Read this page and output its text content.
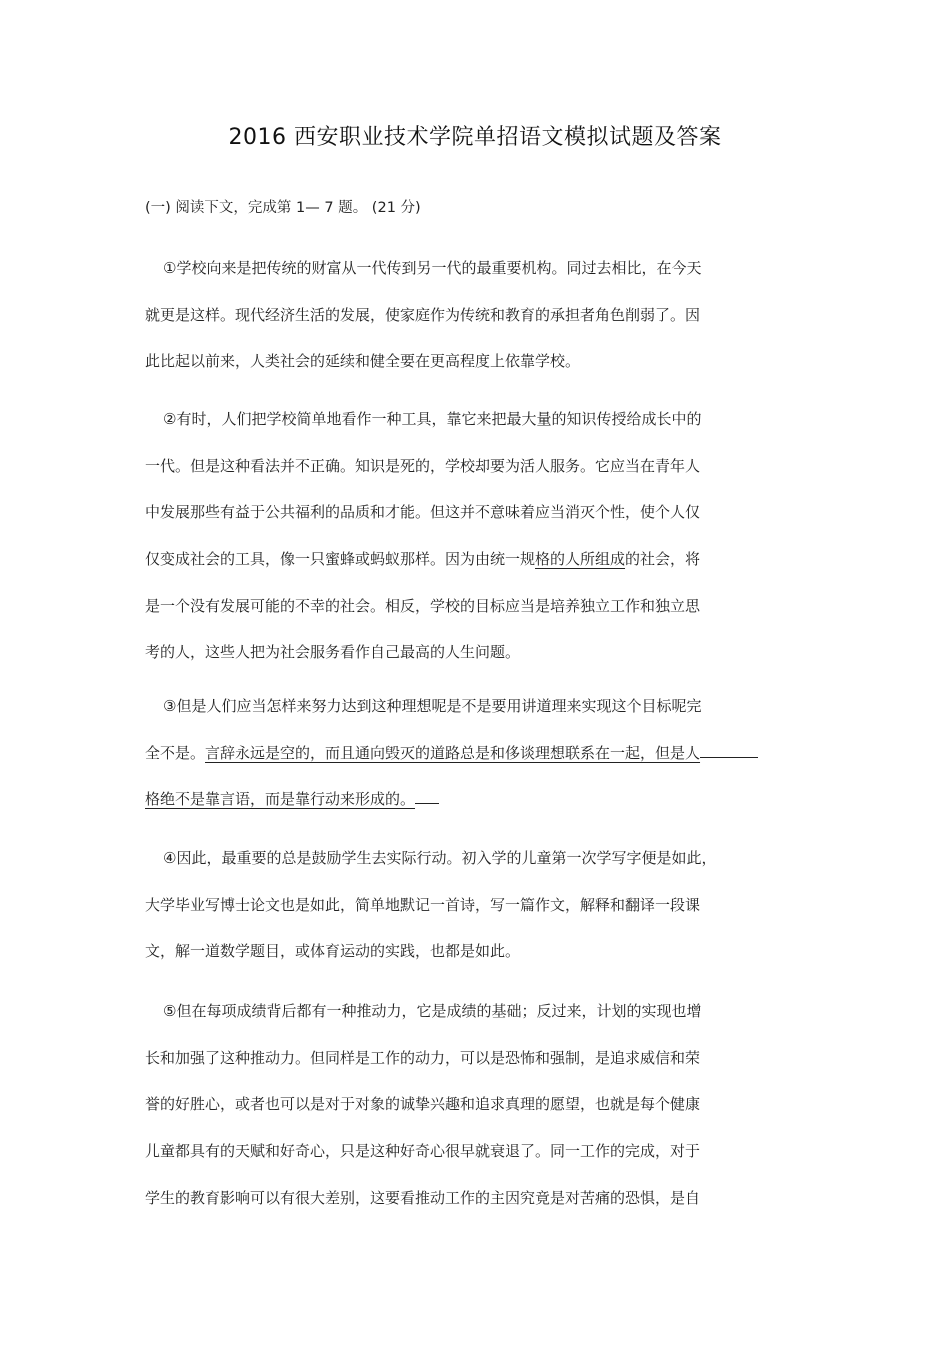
2016 西安职业技术学院单招语文模拟试题及答案
(一) 阅读下文，完成第 1— 7 题。 (21 分)
①学校向来是把传统的财富从一代传到另一代的最重要机构。同过去相比，在今天
就更是这样。现代经济生活的发展，使家庭作为传统和教育的承担者角色削弱了。因
此比起以前来，人类社会的延续和健全要在更高程度上依靠学校。
②有时，人们把学校简单地看作一种工具，靠它来把最大量的知识传授给成长中的
一代。但是这种看法并不正确。知识是死的，学校却要为活人服务。它应当在青年人
中发展那些有益于公共福利的品质和才能。但这并不意味着应当消灭个性，使个人仅
仅变成社会的工具，像一只蜜蜂或蚂蚁那样。因为由统一规格的人所组成的社会，将
是一个没有发展可能的不幸的社会。相反，学校的目标应当是培养独立工作和独立思
考的人，这些人把为社会服务看作自己最高的人生问题。
③但是人们应当怎样来努力达到这种理想呢是不是要用讲道理来实现这个目标呢完
全不是。言辞永远是空的，而且通向毁灭的道路总是和侈谈理想联系在一起，但是人
格绝不是靠言语，而是靠行动来形成的。
④因此，最重要的总是鼓励学生去实际行动。初入学的儿童第一次学写字便是如此，
大学毕业写博士论文也是如此，简单地默记一首诗，写一篇作文，解释和翻译一段课
文，解一道数学题目，或体育运动的实践，也都是如此。
⑤但在每项成绩背后都有一种推动力，它是成绩的基础；反过来，计划的实现也增
长和加强了这种推动力。但同样是工作的动力，可以是恐怖和强制，是追求威信和荣
誉的好胜心，或者也可以是对于对象的诚挚兴趣和追求真理的愿望，也就是每个健康
儿童都具有的天赋和好奇心，只是这种好奇心很早就衰退了。同一工作的完成，对于
学生的教育影响可以有很大差别，这要看推动工作的主因究竟是对苦痛的恐惧，是自
